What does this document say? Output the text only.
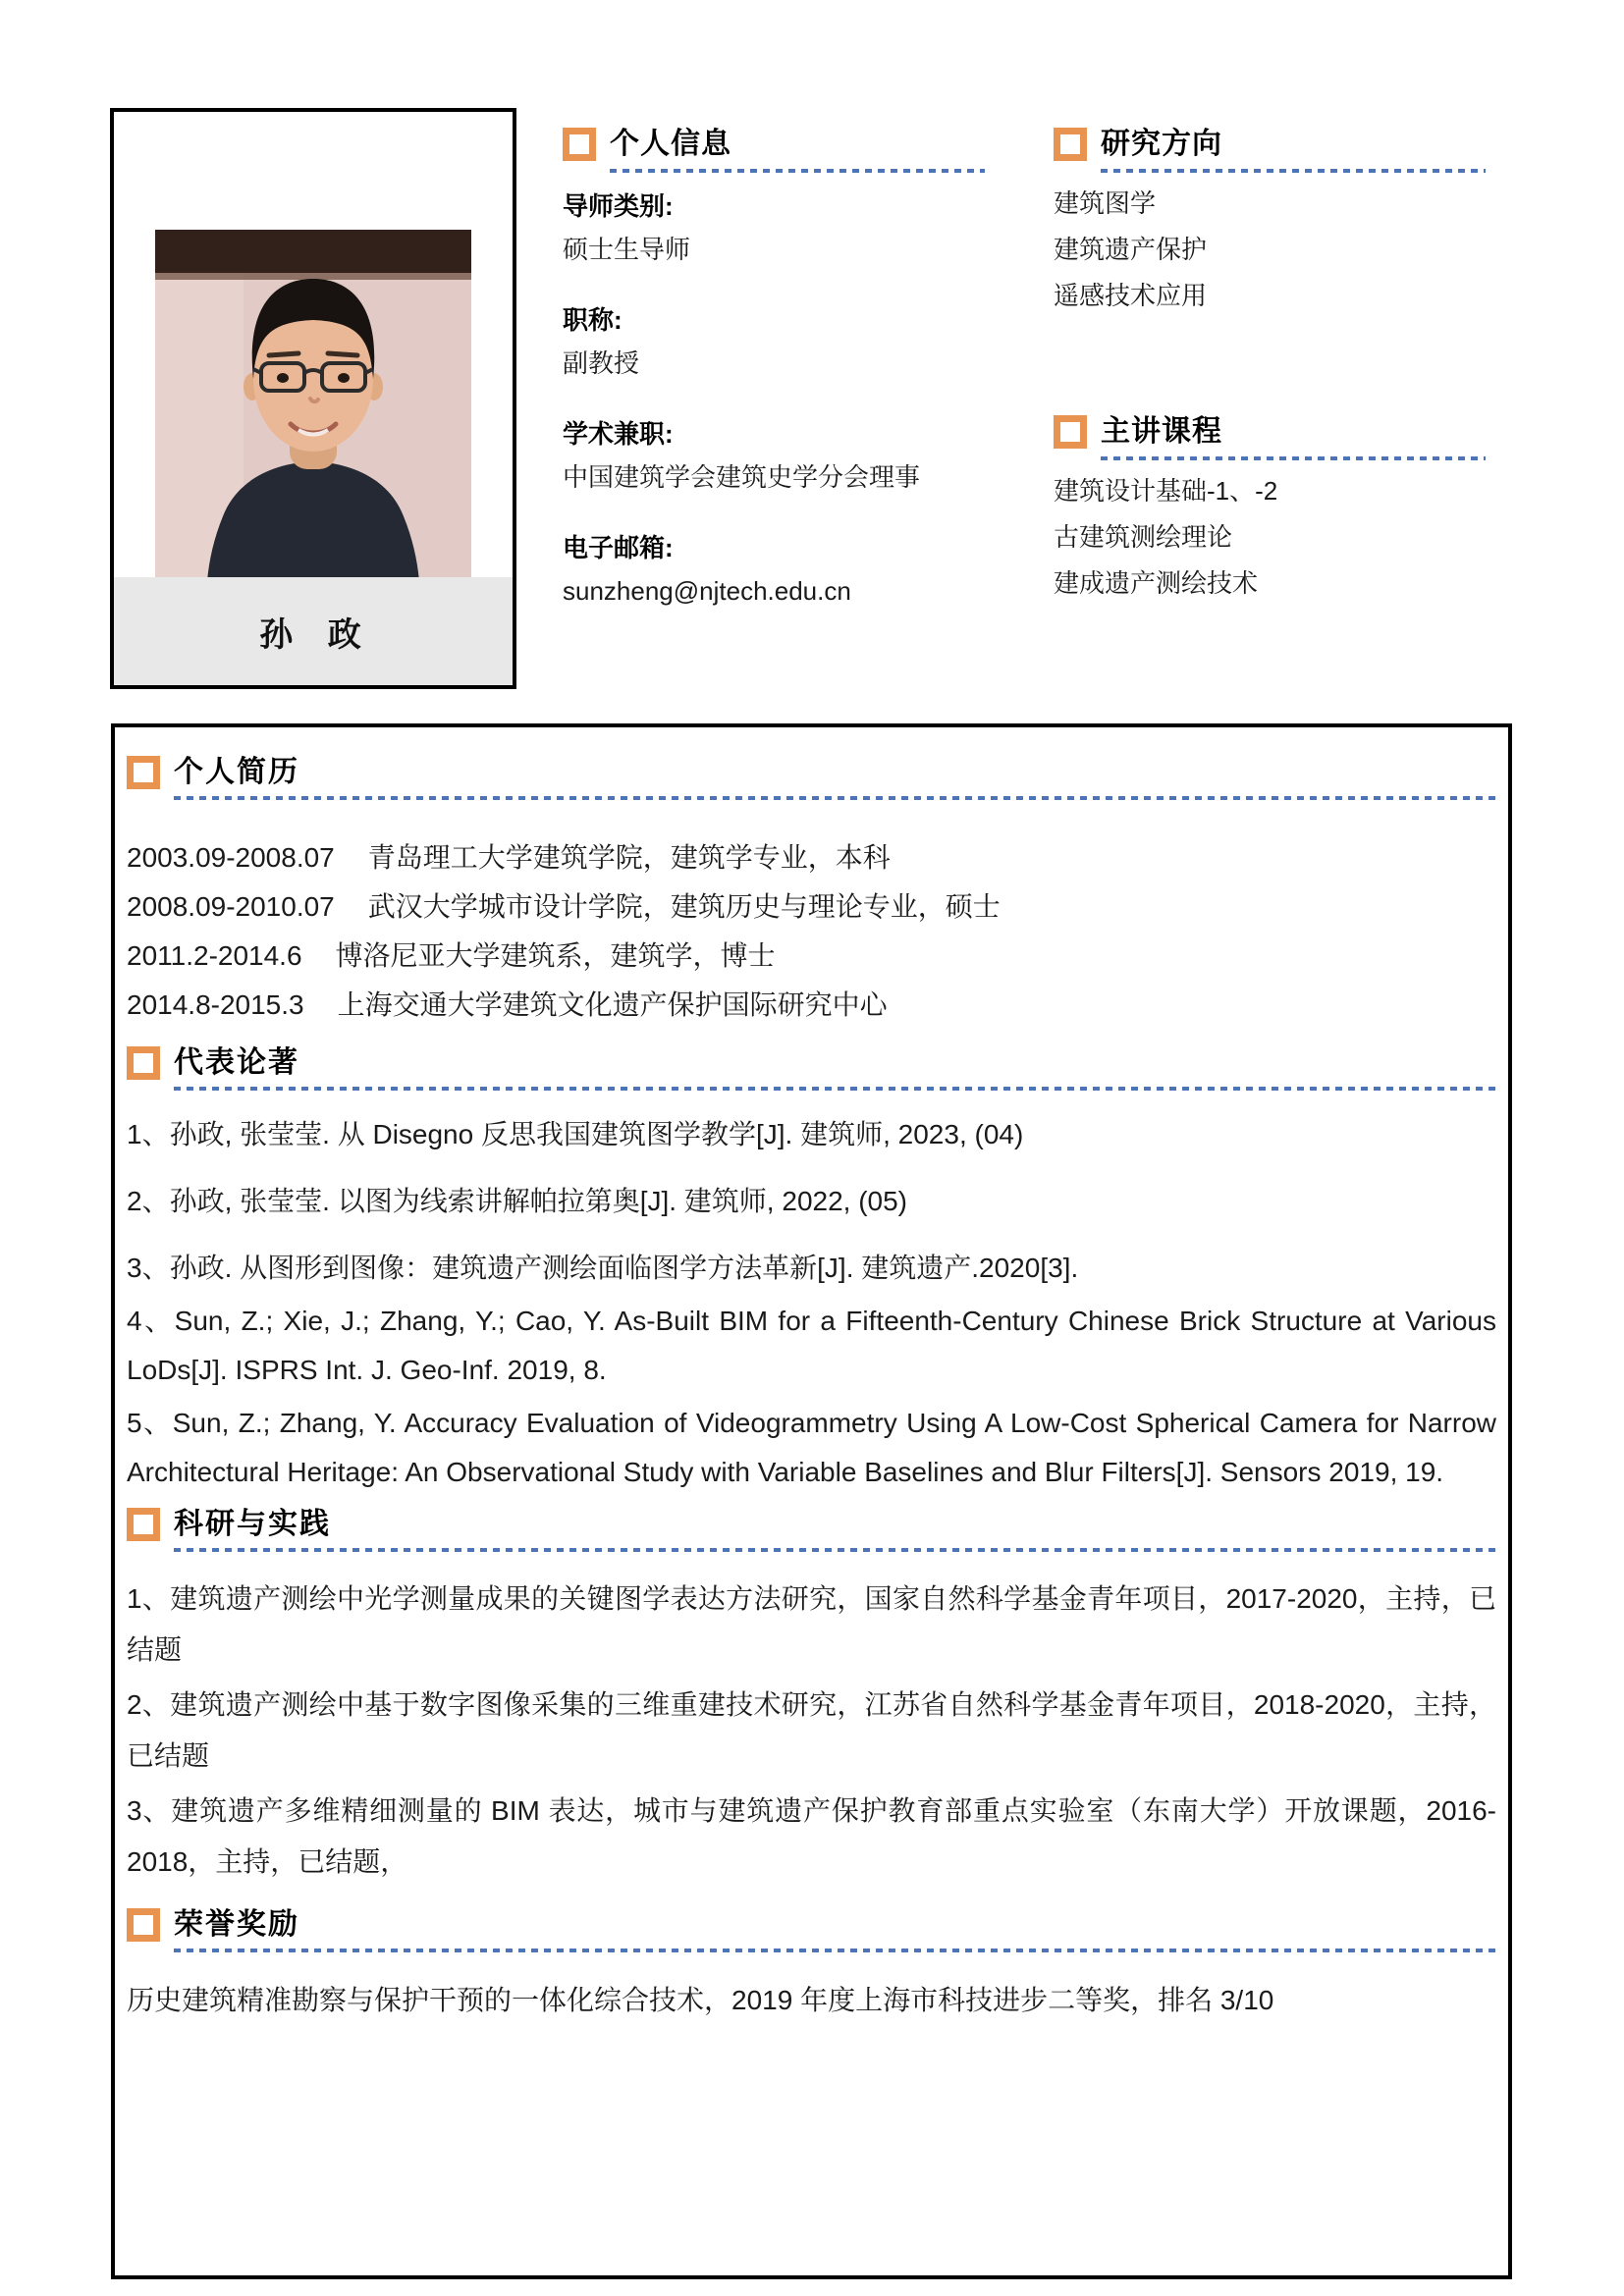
孙 政
个人信息
导师类别:
硕士生导师
职称:
副教授
学术兼职:
中国建筑学会建筑史学分会理事
电子邮箱:
sunzheng@njtech.edu.cn
研究方向
建筑图学
建筑遗产保护
遥感技术应用
主讲课程
建筑设计基础-1、-2
古建筑测绘理论
建成遗产测绘技术
个人简历
2003.09-2008.07 青岛理工大学建筑学院，建筑学专业，本科
2008.09-2010.07 武汉大学城市设计学院，建筑历史与理论专业，硕士
2011.2-2014.6 博洛尼亚大学建筑系，建筑学，博士
2014.8-2015.3 上海交通大学建筑文化遗产保护国际研究中心
代表论著

1、孙政, 张莹莹. 从 Disegno 反思我国建筑图学教学[J]. 建筑师, 2023, (04)

2、孙政, 张莹莹. 以图为线索讲解帕拉第奥[J]. 建筑师, 2022, (05)

3、孙政. 从图形到图像：建筑遗产测绘面临图学方法革新[J]. 建筑遗产.2020[3].

4、Sun, Z.; Xie, J.; Zhang, Y.; Cao, Y. As-Built BIM for a Fifteenth-Century Chinese Brick Structure at Various LoDs[J]. ISPRS Int. J. Geo-Inf. 2019, 8.

5、Sun, Z.; Zhang, Y. Accuracy Evaluation of Videogrammetry Using A Low-Cost Spherical Camera for Narrow Architectural Heritage: An Observational Study with Variable Baselines and Blur Filters[J]. Sensors 2019, 19.

科研与实践

1、建筑遗产测绘中光学测量成果的关键图学表达方法研究，国家自然科学基金青年项目，2017-2020，主持，已结题

2、建筑遗产测绘中基于数字图像采集的三维重建技术研究，江苏省自然科学基金青年项目，2018-2020，主持，已结题

3、建筑遗产多维精细测量的 BIM 表达，城市与建筑遗产保护教育部重点实验室（东南大学）开放课题，2016-2018，主持，已结题，

荣誉奖励

历史建筑精准勘察与保护干预的一体化综合技术，2019 年度上海市科技进步二等奖，排名 3/10
